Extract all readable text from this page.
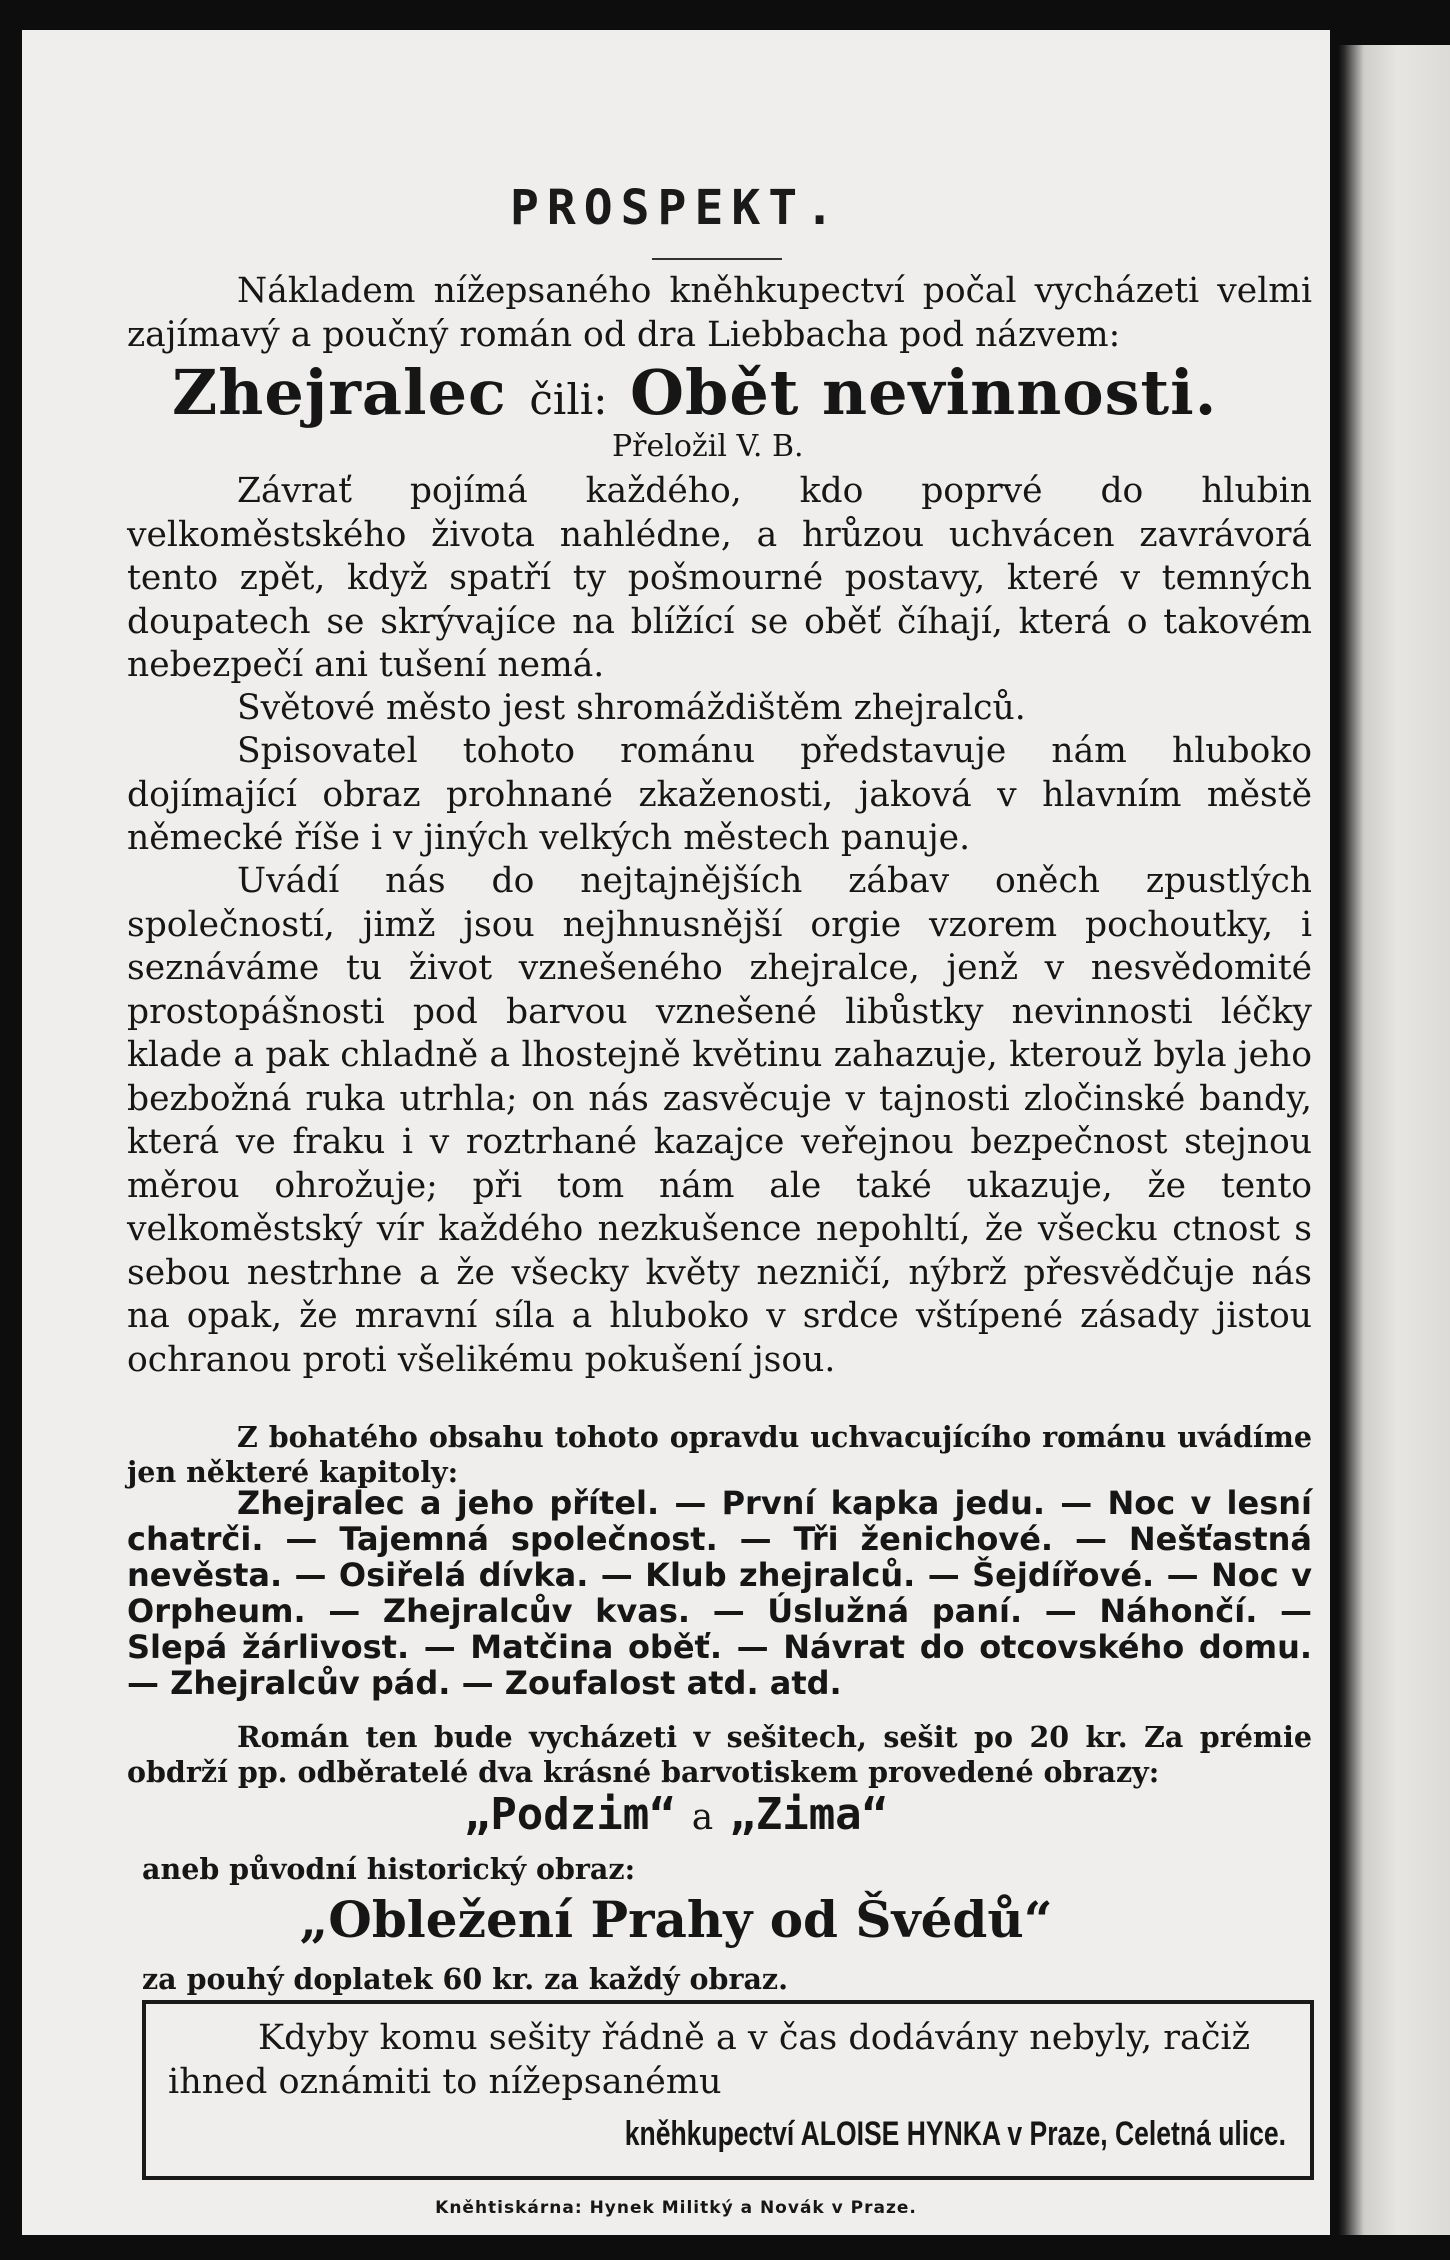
PROSPEKT.

Nákladem nížepsaného kněhkupectví počal vycházeti velmi zajímavý a poučný román od dra Liebbacha pod názvem:

Zhejralec čili: Obět nevinnosti.
Přeložil V. B.

Závrať pojímá každého, kdo poprvé do hlubin velkoměstského života nahlédne, a hrůzou uchvácen zavrávorá tento zpět, když spatří ty pošmourné postavy, které v temných doupatech se skrývajíce na blížící se oběť číhají, která o takovém nebezpečí ani tušení nemá.

Světové město jest shromáždištěm zhejralců.

Spisovatel tohoto románu představuje nám hluboko dojímající obraz prohnané zkaženosti, jaková v hlavním městě německé říše i v jiných velkých městech panuje.

Uvádí nás do nejtajnějších zábav oněch zpustlých společností, jimž jsou nejhnusnější orgie vzorem pochoutky, i seznáváme tu život vznešeného zhejralce, jenž v nesvědomité prostopášnosti pod barvou vznešené libůstky nevinnosti léčky klade a pak chladně a lhostejně květinu zahazuje, kterouž byla jeho bezbožná ruka utrhla; on nás zasvěcuje v tajnosti zločinské bandy, která ve fraku i v roztrhané kazajce veřejnou bezpečnost stejnou měrou ohrožuje; při tom nám ale také ukazuje, že tento velkoměstský vír každého nezkušence nepohltí, že všecku ctnost s sebou nestrhne a že všecky květy nezničí, nýbrž přesvědčuje nás na opak, že mravní síla a hluboko v srdce vštípené zásady jistou ochranou proti všelikému pokušení jsou.

Z bohatého obsahu tohoto opravdu uchvacujícího románu uvádíme jen některé kapitoly:

Zhejralec a jeho přítel. — První kapka jedu. — Noc v lesní chatrči. — Tajemná společnost. — Tři ženichové. — Nešťastná nevěsta. — Osiřelá dívka. — Klub zhejralců. — Šejdířové. — Noc v Orpheum. — Zhejralcův kvas. — Úslužná paní. — Náhončí. — Slepá žárlivost. — Matčina oběť. — Návrat do otcovského domu. — Zhejralcův pád. — Zoufalost atd. atd.

Román ten bude vycházeti v sešitech, sešit po 20 kr. Za prémie obdrží pp. odběratelé dva krásné barvotiskem provedené obrazy:

„Podzim“ a „Zima“
aneb původní historický obraz:
„Obležení Prahy od Švédů“
za pouhý doplatek 60 kr. za každý obraz.

Kdyby komu sešity řádně a v čas dodávány nebyly, račiž ihned oznámiti to nížepsanému

kněhkupectví ALOISE HYNKA v Praze, Celetná ulice.

Kněhtiskárna: Hynek Militký a Novák v Praze.
